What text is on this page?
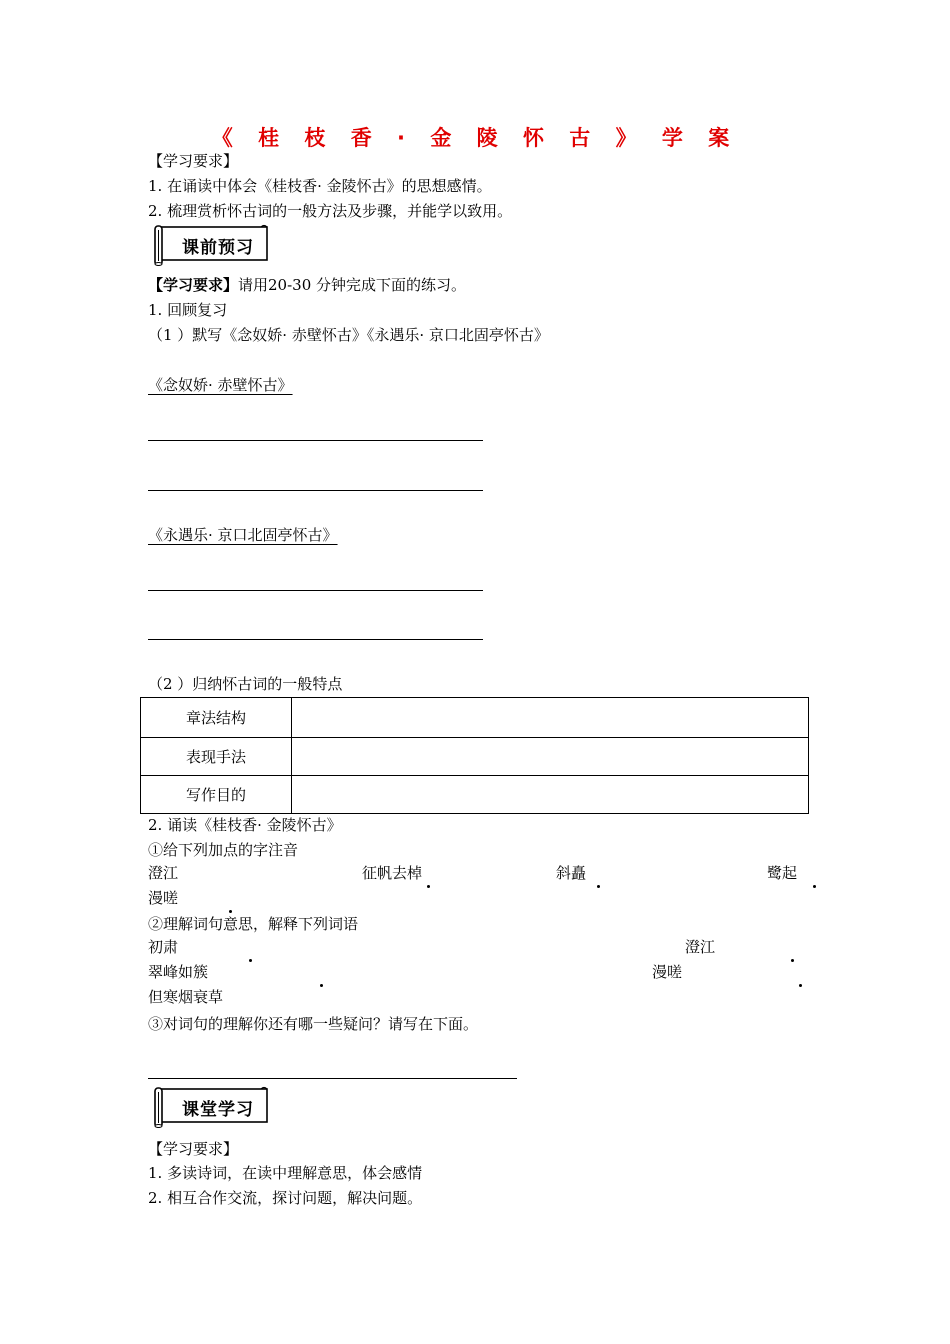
《 桂 枝 香 · 金 陵 怀 古 》 学 案
【学习要求】
1. 在诵读中体会《桂枝香· 金陵怀古》的思想感情。
2. 梳理赏析怀古词的一般方法及步骤，并能学以致用。
课前预习
【学习要求】请用20-30 分钟完成下面的练习。
1. 回顾复习
（1 ）默写《念奴娇· 赤壁怀古》《永遇乐· 京口北固亭怀古》
《念奴娇· 赤壁怀古》
《永遇乐· 京口北固亭怀古》
（2 ）归纳怀古词的一般特点
章法结构	
表现手法	
写作目的	
2. 诵读《桂枝香· 金陵怀古》
①给下列加点的字注音
澄江	征帆去棹
	斜矗
	鹭起

漫嗟

②理解词句意思，解释下列词语
初肃
	澄江

翠峰如簇
	漫嗟
但寒烟衰草
③对词句的理解你还有哪一些疑问？请写在下面。
课堂学习
【学习要求】
1. 多读诗词，在读中理解意思，体会感情
2. 相互合作交流，探讨问题，解决问题。
